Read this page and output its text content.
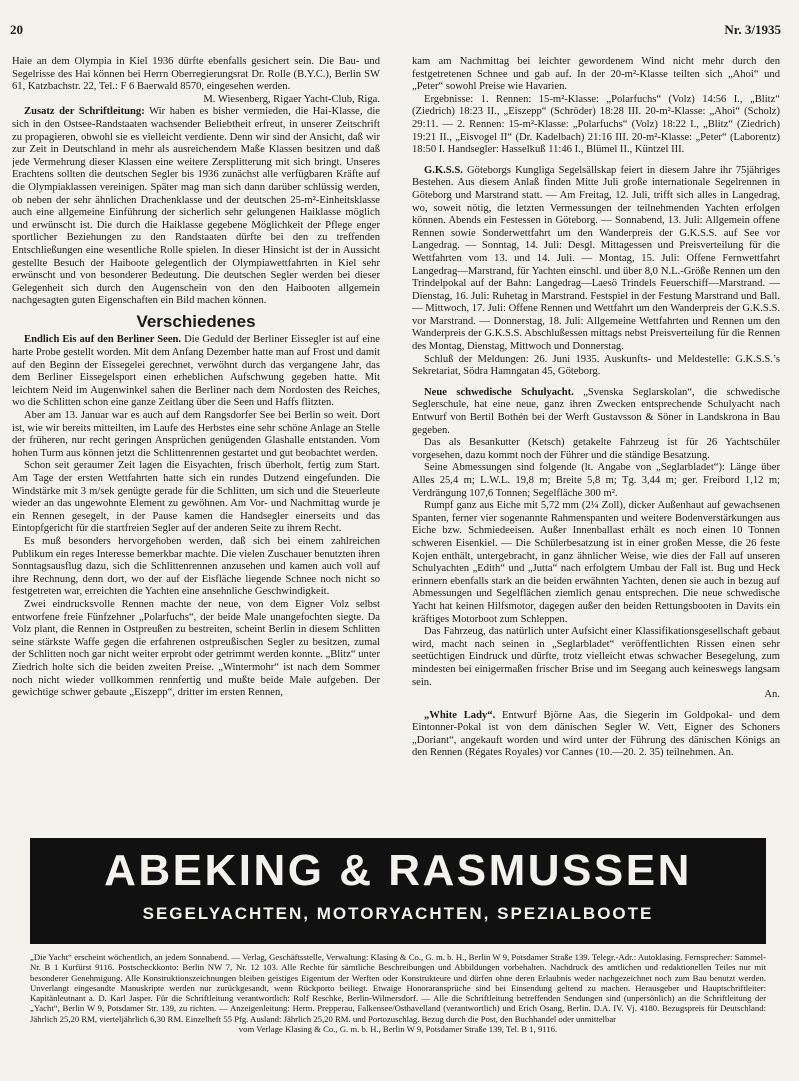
20	Nr. 3/1935

Haie an dem Olympia in Kiel 1936 dürfte ebenfalls gesichert sein. Die Bau- und Segelrisse des Hai können bei Herrn Oberregierungsrat Dr. Rolle (B.Y.C.), Berlin SW 61, Katzbachstr. 22, Tel.: F 6 Baerwald 8570, eingesehen werden.

M. Wiesenberg, Rigaer Yacht-Club, Riga.

Zusatz der Schriftleitung: Wir haben es bisher vermieden, die Hai-Klasse, die sich in den Ostsee-Randstaaten wachsender Beliebtheit erfreut, in unserer Zeitschrift zu propagieren, obwohl sie es vielleicht verdiente. Denn wir sind der Ansicht, daß wir zur Zeit in Deutschland in mehr als ausreichendem Maße Klassen besitzen und daß jede Vermehrung dieser Klassen eine weitere Zersplitterung mit sich bringt. Unseres Erachtens sollten die deutschen Segler bis 1936 zunächst alle verfügbaren Kräfte auf die Olympiaklassen vereinigen. Später mag man sich dann darüber schlüssig werden, ob neben der sehr ähnlichen Drachenklasse und der deutschen 25-m²-Einheitsklasse auch eine allgemeine Einführung der sicherlich sehr gelungenen Haiklasse möglich und erwünscht ist. Die durch die Haiklasse gegebene Möglichkeit der Pflege enger sportlicher Beziehungen zu den Randstaaten dürfte bei den zu treffenden Entschließungen eine wesentliche Rolle spielen. In dieser Hinsicht ist der in Aussicht gestellte Besuch der Haiboote gelegentlich der Olympiawettfahrten in Kiel sehr erwünscht und von besonderer Bedeutung. Die deutschen Segler werden bei dieser Gelegenheit sich durch den Augenschein von den den Haibooten allgemein nachgesagten guten Eigenschaften ein Bild machen können.

Verschiedenes

Endlich Eis auf den Berliner Seen. Die Geduld der Berliner Eissegler ist auf eine harte Probe gestellt worden. Mit dem Anfang Dezember hatte man auf Frost und damit auf den Beginn der Eissegelei gerechnet, verwöhnt durch das vergangene Jahr, das dem Berliner Eissegelsport einen erheblichen Aufschwung gegeben hatte. Mit leichtem Neid im Augenwinkel sahen die Berliner nach dem Nordosten des Reiches, wo die Schlitten schon eine ganze Zeitlang über die Seen und Haffs flitzten.

Aber am 13. Januar war es auch auf dem Rangsdorfer See bei Berlin so weit. Dort ist, wie wir bereits mitteilten, im Laufe des Herbstes eine sehr schöne Anlage an Stelle der früheren, nur recht geringen Ansprüchen genügenden Glashalle entstanden. Vom hohen Turm aus können jetzt die Schlittenrennen gestartet und gut beobachtet werden.

Schon seit geraumer Zeit lagen die Eisyachten, frisch überholt, fertig zum Start. Am Tage der ersten Wettfahrten hatte sich ein rundes Dutzend eingefunden. Die Windstärke mit 3 m/sek genügte gerade für die Schlitten, um sich und die Steuerleute wieder an das ungewohnte Element zu gewöhnen. Am Vor- und Nachmittag wurde je ein Rennen gesegelt, in der Pause kamen die Handsegler einerseits und das Eintopfgericht für die startfreien Segler auf der anderen Seite zu ihrem Recht.

Es muß besonders hervorgehoben werden, daß sich bei einem zahlreichen Publikum ein reges Interesse bemerkbar machte. Die vielen Zuschauer benutzten ihren Sonntagsausflug dazu, sich die Schlittenrennen anzusehen und kamen auch voll auf ihre Rechnung, denn dort, wo der auf der Eisfläche liegende Schnee noch nicht so festgetreten war, erreichten die Yachten eine ansehnliche Geschwindigkeit.

Zwei eindrucksvolle Rennen machte der neue, von dem Eigner Volz selbst entworfene freie Fünfzehner „Polarfuchs“, der beide Male unangefochten siegte. Da Volz plant, die Rennen in Ostpreußen zu bestreiten, scheint Berlin in diesem Schlitten seine stärkste Waffe gegen die erfahrenen ostpreußischen Segler zu besitzen, zumal der Schlitten noch gar nicht weiter erprobt oder getrimmt werden konnte. „Blitz“ unter Ziedrich holte sich die beiden zweiten Preise. „Wintermohr“ ist nach dem Sommer noch nicht wieder vollkommen rennfertig und mußte beide Male aufgeben. Der gewichtige schwer gebaute „Eiszepp“, dritter im ersten Rennen,

kam am Nachmittag bei leichter gewordenem Wind nicht mehr durch den festgetretenen Schnee und gab auf. In der 20-m²-Klasse teilten sich „Ahoi“ und „Peter“ sowohl Preise wie Havarien.

Ergebnisse: 1. Rennen: 15-m²-Klasse: „Polarfuchs“ (Volz) 14:56 I., „Blitz“ (Ziedrich) 18:23 II., „Eiszepp“ (Schröder) 18:28 III. 20-m²-Klasse: „Ahoi“ (Scholz) 29:11. — 2. Rennen: 15-m²-Klasse: „Polarfuchs“ (Volz) 18:22 I., „Blitz“ (Ziedrich) 19:21 II., „Eisvogel II“ (Dr. Kadelbach) 21:16 III. 20-m²-Klasse: „Peter“ (Laborentz) 18:50 I. Handsegler: Hasselkuß 11:46 I., Blümel II., Küntzel III.

G.K.S.S. Göteborgs Kungliga Segelsällskap feiert in diesem Jahre ihr 75jähriges Bestehen. Aus diesem Anlaß finden Mitte Juli große internationale Segelrennen in Göteborg und Marstrand statt. — Am Freitag, 12. Juli, trifft sich alles in Langedrag, wo, soweit nötig, die letzten Vermessungen der teilnehmenden Yachten erfolgen können. Abends ein Festessen in Göteborg. — Sonnabend, 13. Juli: Allgemein offene Rennen sowie Sonderwettfahrt um den Wanderpreis der G.K.S.S. auf See vor Langedrag. — Sonntag, 14. Juli: Desgl. Mittagessen und Preisverteilung für die Wettfahrten vom 13. und 14. Juli. — Montag, 15. Juli: Offene Fernwettfahrt Langedrag—Marstrand, für Yachten einschl. und über 8,0 N.L.-Größe Rennen um den Trindelpokal auf der Bahn: Langedrag—Laesö Trindels Feuerschiff—Marstrand. — Dienstag, 16. Juli: Ruhetag in Marstrand. Festspiel in der Festung Marstrand und Ball. — Mittwoch, 17. Juli: Offene Rennen und Wettfahrt um den Wanderpreis der G.K.S.S. vor Marstrand. — Donnerstag, 18. Juli: Allgemeine Wettfahrten und Rennen um den Wanderpreis der G.K.S.S. Abschlußessen mittags nebst Preisverteilung für die Rennen des Montag, Dienstag, Mittwoch und Donnerstag.

Schluß der Meldungen: 26. Juni 1935. Auskunfts- und Meldestelle: G.K.S.S.’s Sekretariat, Södra Hamngatan 45, Göteborg.

Neue schwedische Schulyacht. „Svenska Seglarskolan“, die schwedische Seglerschule, hat eine neue, ganz ihren Zwecken entsprechende Schulyacht nach Entwurf von Bertil Bothén bei der Werft Gustavsson & Söner in Landskrona in Bau gegeben.

Das als Besankutter (Ketsch) getakelte Fahrzeug ist für 26 Yachtschüler vorgesehen, dazu kommt noch der Führer und die ständige Besatzung.

Seine Abmessungen sind folgende (lt. Angabe von „Seglarbladet“): Länge über Alles 25,4 m; L.W.L. 19,8 m; Breite 5,8 m; Tg. 3,44 m; ger. Freibord 1,12 m; Verdrängung 107,6 Tonnen; Segelfläche 300 m².

Rumpf ganz aus Eiche mit 5,72 mm (2¼ Zoll), dicker Außenhaut auf gewachsenen Spanten, ferner vier sogenannte Rahmenspanten und weitere Bodenverstärkungen aus Eiche bzw. Schmiedeeisen. Außer Innenballast erhält es noch einen 10 Tonnen schweren Eisenkiel. — Die Schülerbesatzung ist in einer großen Messe, die 26 feste Kojen enthält, untergebracht, in ganz ähnlicher Weise, wie dies der Fall auf unseren Schulyachten „Edith“ und „Jutta“ nach erfolgtem Umbau der Fall ist. Bug und Heck erinnern ebenfalls stark an die beiden erwähnten Yachten, denen sie auch in bezug auf Abmessungen und Segelflächen ziemlich genau entsprechen. Die neue schwedische Yacht hat keinen Hilfsmotor, dagegen außer den beiden Rettungsbooten in Davits ein kräftiges Motorboot zum Schleppen.

Das Fahrzeug, das natürlich unter Aufsicht einer Klassifikationsgesellschaft gebaut wird, macht nach seinen in „Seglarbladet“ veröffentlichten Rissen einen sehr seetüchtigen Eindruck und dürfte, trotz vielleicht etwas schwacher Besegelung, zum mindesten bei einigermaßen frischer Brise und im Seegang auch keineswegs langsam sein.

An.

„White Lady“. Entwurf Björne Aas, die Siegerin im Goldpokal- und dem Eintonner-Pokal ist von dem dänischen Segler W. Vett, Eigner des Schoners „Doriant“, angekauft worden und wird unter der Führung des dänischen Königs an den Rennen (Régates Royales) vor Cannes (10.—20. 2. 35) teilnehmen. An.

ABEKING & RASMUSSEN
SEGELYACHTEN, MOTORYACHTEN, SPEZIALBOOTE

„Die Yacht“ erscheint wöchentlich, an jedem Sonnabend. — Verlag, Geschäftsstelle, Verwaltung: Klasing & Co., G. m. b. H., Berlin W 9, Potsdamer Straße 139. Telegr.-Adr.: Autoklasing. Fernsprecher: Sammel-Nr. B 1 Kurfürst 9116. Postscheckkonto: Berlin NW 7, Nr. 12 103. Alle Rechte für sämtliche Beschreibungen und Abbildungen vorbehalten. Nachdruck des amtlichen und redaktionellen Teiles nur mit besonderer Genehmigung. Alle Konstruktionszeichnungen bleiben geistiges Eigentum der Werften oder Konstrukteure und dürfen ohne deren Erlaubnis weder nachgezeichnet noch zum Bau benutzt werden. Unverlangt eingesandte Manuskripte werden nur zurückgesandt, wenn Rückporto beiliegt. Etwaige Honoraransprüche sind bei Einsendung geltend zu machen. Herausgeber und Hauptschriftleiter: Kapitänleutnant a. D. Karl Jasper. Für die Schriftleitung verantwortlich: Rolf Reschke, Berlin-Wilmersdorf. — Alle die Schriftleitung betreffenden Sendungen sind (unpersönlich) an die Schriftleitung der „Yacht“, Berlin W 9, Potsdamer Str. 139, zu richten. — Anzeigenleitung: Herm. Prepperau, Falkensee/Osthavelland (verantwortlich) und Erich Osang, Berlin. D.A. IV. Vj. 4180. Bezugspreis für Deutschland: Jährlich 25,20 RM, vierteljährlich 6,30 RM. Einzelheft 55 Pfg. Ausland: Jährlich 25,20 RM. und Portozuschlag. Bezug durch die Post, den Buchhandel oder unmittelbar

vom Verlage Klasing & Co., G. m. b. H., Berlin W 9, Potsdamer Straße 139, Tel. B 1, 9116.
